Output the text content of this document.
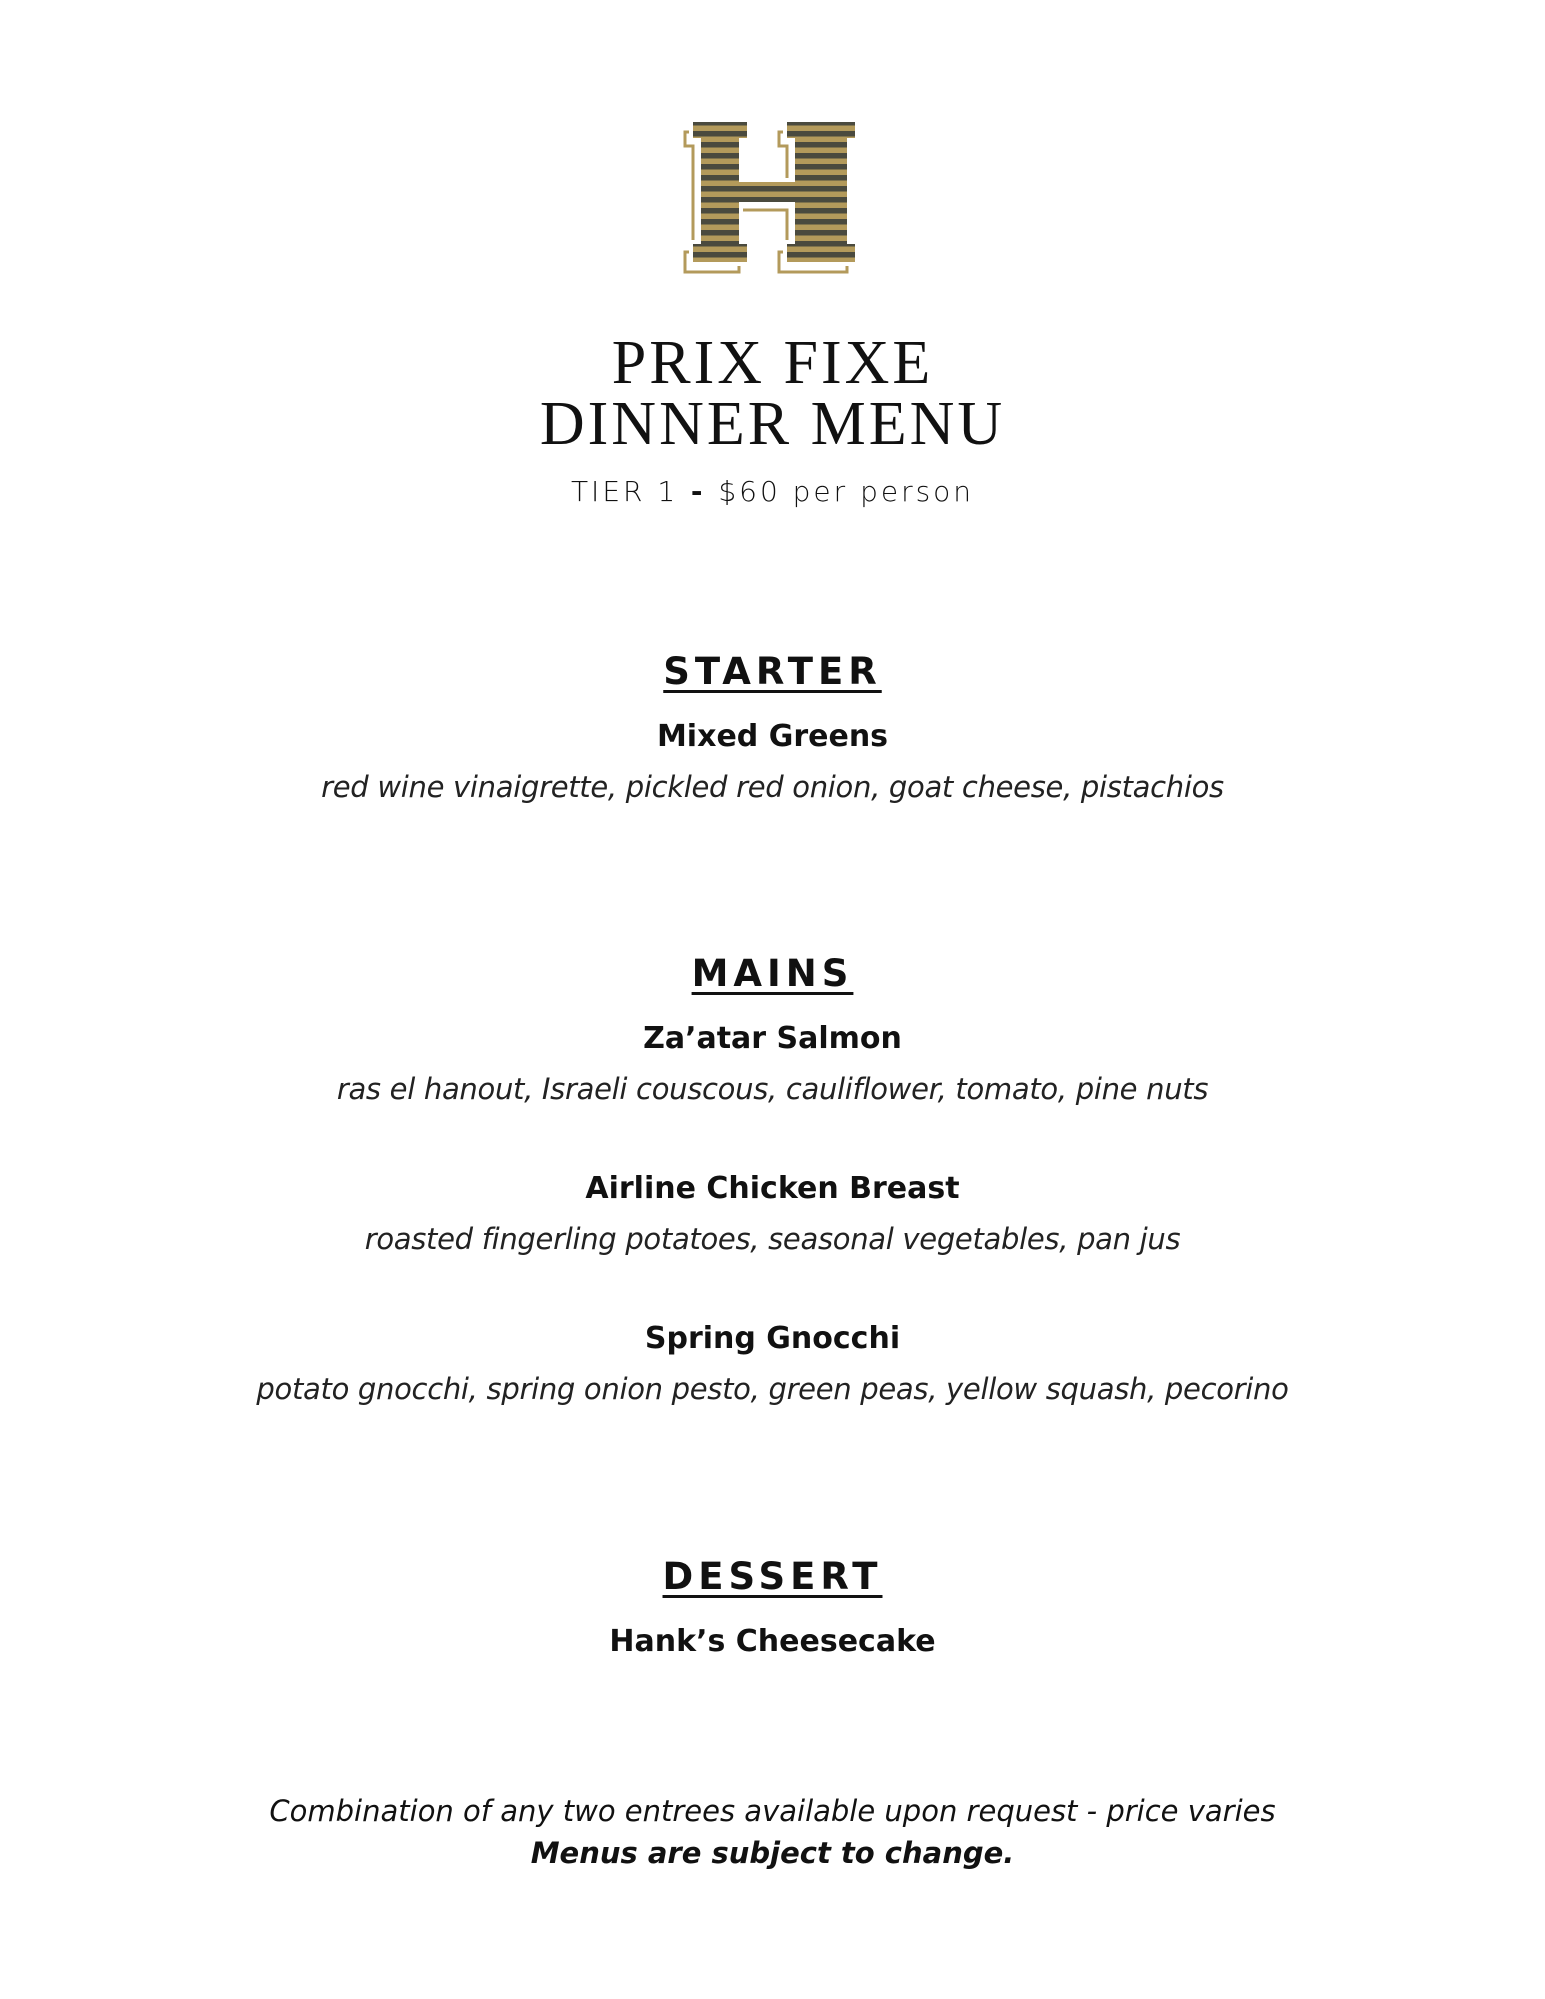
PRIX FIXE
DINNER MENU
TIER 1 - $60 per person
STARTER
Mixed Greens
red wine vinaigrette, pickled red onion, goat cheese, pistachios
MAINS
Za’atar Salmon
ras el hanout, Israeli couscous, cauliflower, tomato, pine nuts
Airline Chicken Breast
roasted fingerling potatoes, seasonal vegetables, pan jus
Spring Gnocchi
potato gnocchi, spring onion pesto, green peas, yellow squash, pecorino
DESSERT
Hank’s Cheesecake
Combination of any two entrees available upon request - price varies
Menus are subject to change.
